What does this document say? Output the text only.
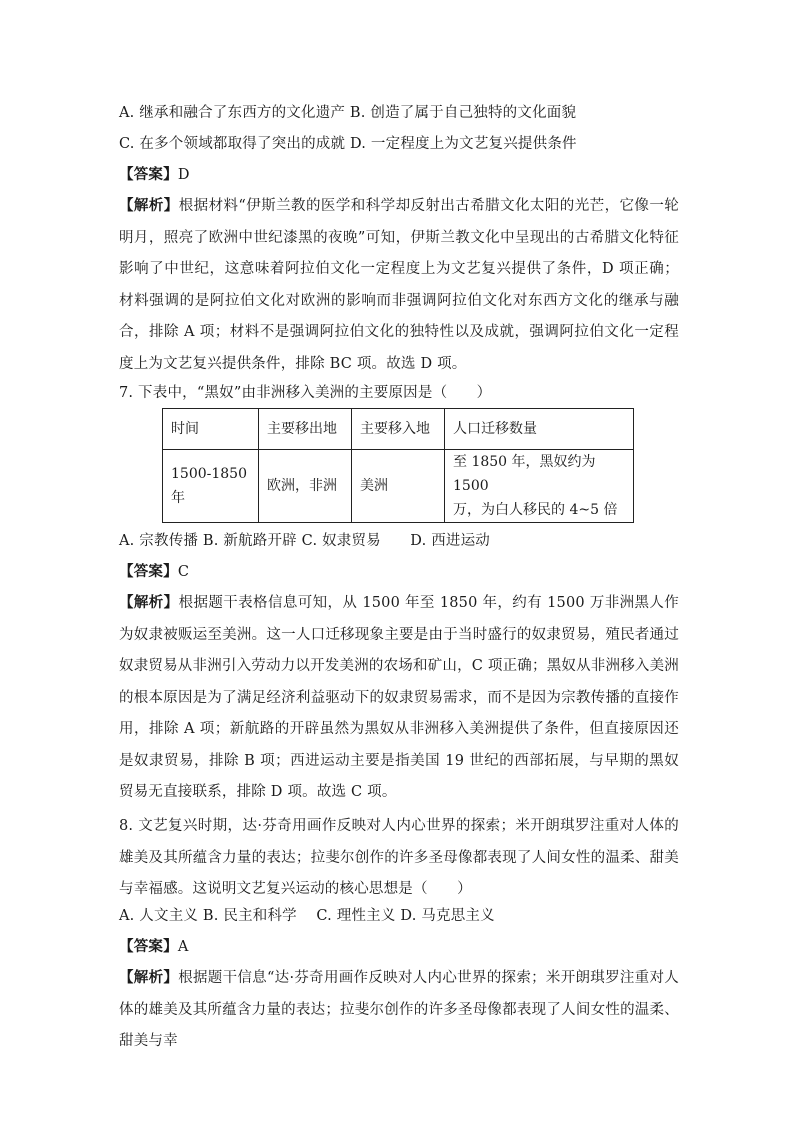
A. 继承和融合了东西方的文化遗产 B. 创造了属于自己独特的文化面貌
C. 在多个领域都取得了突出的成就 D. 一定程度上为文艺复兴提供条件
【答案】D
【解析】根据材料“伊斯兰教的医学和科学却反射出古希腊文化太阳的光芒，它像一轮明月，照亮了欧洲中世纪漆黑的夜晚”可知，伊斯兰教文化中呈现出的古希腊文化特征影响了中世纪，这意味着阿拉伯文化一定程度上为文艺复兴提供了条件，D 项正确；材料强调的是阿拉伯文化对欧洲的影响而非强调阿拉伯文化对东西方文化的继承与融合，排除 A 项；材料不是强调阿拉伯文化的独特性以及成就，强调阿拉伯文化一定程度上为文艺复兴提供条件，排除 BC 项。故选 D 项。
7. 下表中，“黑奴”由非洲移入美洲的主要原因是（　　）
时间	主要移出地	主要移入地	人口迁移数量
1500-1850 年	欧洲，非洲	美洲	至 1850 年，黑奴约为 1500
万，为白人移民的 4~5 倍
A. 宗教传播 B. 新航路开辟 C. 奴隶贸易　　D. 西进运动
【答案】C
【解析】根据题干表格信息可知，从 1500 年至 1850 年，约有 1500 万非洲黑人作为奴隶被贩运至美洲。这一人口迁移现象主要是由于当时盛行的奴隶贸易，殖民者通过奴隶贸易从非洲引入劳动力以开发美洲的农场和矿山，C 项正确；黑奴从非洲移入美洲的根本原因是为了满足经济利益驱动下的奴隶贸易需求，而不是因为宗教传播的直接作用，排除 A 项；新航路的开辟虽然为黑奴从非洲移入美洲提供了条件，但直接原因还是奴隶贸易，排除 B 项；西进运动主要是指美国 19 世纪的西部拓展，与早期的黑奴贸易无直接联系，排除 D 项。故选 C 项。
8. 文艺复兴时期，达·芬奇用画作反映对人内心世界的探索；米开朗琪罗注重对人体的雄美及其所蕴含力量的表达；拉斐尔创作的许多圣母像都表现了人间女性的温柔、甜美与幸福感。这说明文艺复兴运动的核心思想是（　　）
A. 人文主义 B. 民主和科学　 C. 理性主义 D. 马克思主义
【答案】A
【解析】根据题干信息“达·芬奇用画作反映对人内心世界的探索；米开朗琪罗注重对人体的雄美及其所蕴含力量的表达；拉斐尔创作的许多圣母像都表现了人间女性的温柔、甜美与幸
